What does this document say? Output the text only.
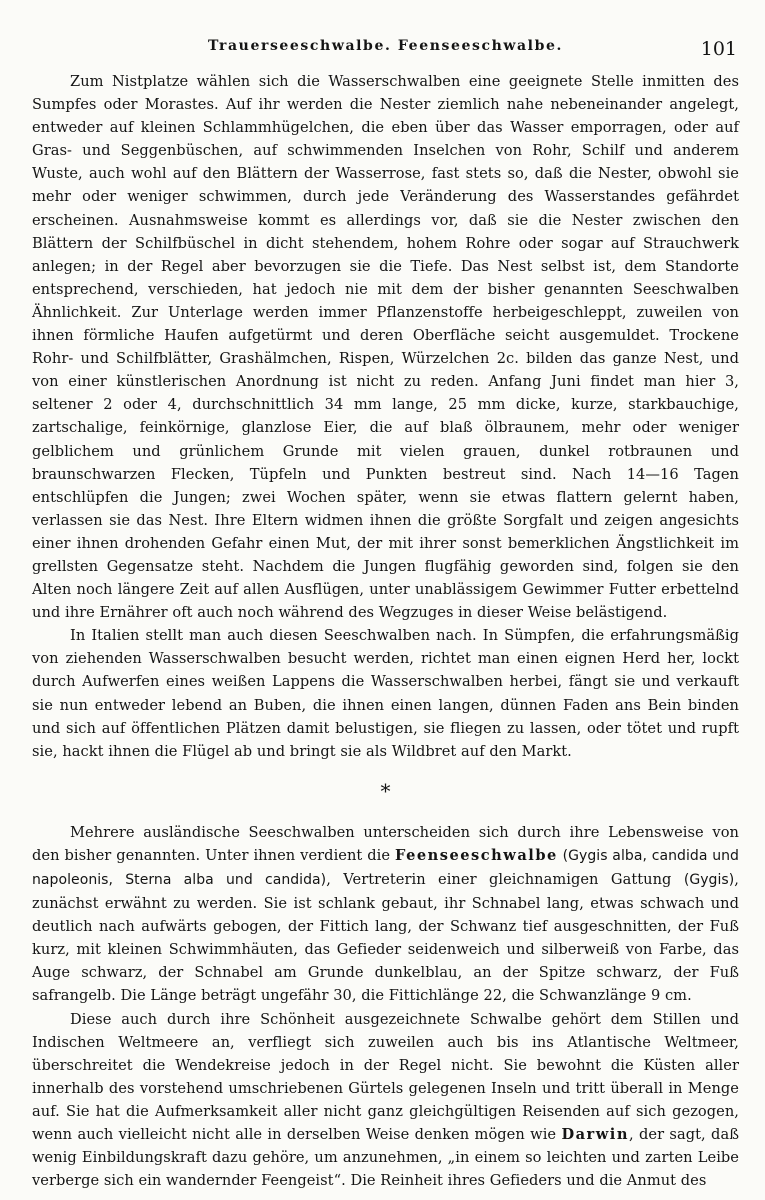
Trauerseeschwalbe. Feenseeschwalbe.	101

Zum Nistplatze wählen sich die Wasserschwalben eine geeignete Stelle inmitten des Sumpfes oder Morastes. Auf ihr werden die Nester ziemlich nahe nebeneinander angelegt, entweder auf kleinen Schlammhügelchen, die eben über das Wasser emporragen, oder auf Gras- und Seggenbüschen, auf schwimmenden Inselchen von Rohr, Schilf und anderem Wuste, auch wohl auf den Blättern der Wasserrose, fast stets so, daß die Nester, obwohl sie mehr oder weniger schwimmen, durch jede Veränderung des Wasserstandes gefährdet erscheinen. Ausnahmsweise kommt es allerdings vor, daß sie die Nester zwischen den Blättern der Schilfbüschel in dicht stehendem, hohem Rohre oder sogar auf Strauchwerk anlegen; in der Regel aber bevorzugen sie die Tiefe. Das Nest selbst ist, dem Standorte entsprechend, verschieden, hat jedoch nie mit dem der bisher genannten Seeschwalben Ähnlichkeit. Zur Unterlage werden immer Pflanzenstoffe herbeigeschleppt, zuweilen von ihnen förmliche Haufen aufgetürmt und deren Oberfläche seicht ausgemuldet. Trockene Rohr- und Schilfblätter, Grashälmchen, Rispen, Würzelchen 2c. bilden das ganze Nest, und von einer künstlerischen Anordnung ist nicht zu reden. Anfang Juni findet man hier 3, seltener 2 oder 4, durchschnittlich 34 mm lange, 25 mm dicke, kurze, starkbauchige, zartschalige, feinkörnige, glanzlose Eier, die auf blaß ölbraunem, mehr oder weniger gelblichem und grünlichem Grunde mit vielen grauen, dunkel rotbraunen und braunschwarzen Flecken, Tüpfeln und Punkten bestreut sind. Nach 14—16 Tagen entschlüpfen die Jungen; zwei Wochen später, wenn sie etwas flattern gelernt haben, verlassen sie das Nest. Ihre Eltern widmen ihnen die größte Sorgfalt und zeigen angesichts einer ihnen drohenden Gefahr einen Mut, der mit ihrer sonst bemerklichen Ängstlichkeit im grellsten Gegensatze steht. Nachdem die Jungen flugfähig geworden sind, folgen sie den Alten noch längere Zeit auf allen Ausflügen, unter unablässigem Gewimmer Futter erbettelnd und ihre Ernährer oft auch noch während des Wegzuges in dieser Weise belästigend.

In Italien stellt man auch diesen Seeschwalben nach. In Sümpfen, die erfahrungsmäßig von ziehenden Wasserschwalben besucht werden, richtet man einen eignen Herd her, lockt durch Aufwerfen eines weißen Lappens die Wasserschwalben herbei, fängt sie und verkauft sie nun entweder lebend an Buben, die ihnen einen langen, dünnen Faden ans Bein binden und sich auf öffentlichen Plätzen damit belustigen, sie fliegen zu lassen, oder tötet und rupft sie, hackt ihnen die Flügel ab und bringt sie als Wildbret auf den Markt.

*

Mehrere ausländische Seeschwalben unterscheiden sich durch ihre Lebensweise von den bisher genannten. Unter ihnen verdient die Feenseeschwalbe (Gygis alba, candida und napoleonis, Sterna alba und candida), Vertreterin einer gleichnamigen Gattung (Gygis), zunächst erwähnt zu werden. Sie ist schlank gebaut, ihr Schnabel lang, etwas schwach und deutlich nach aufwärts gebogen, der Fittich lang, der Schwanz tief ausgeschnitten, der Fuß kurz, mit kleinen Schwimmhäuten, das Gefieder seidenweich und silberweiß von Farbe, das Auge schwarz, der Schnabel am Grunde dunkelblau, an der Spitze schwarz, der Fuß safrangelb. Die Länge beträgt ungefähr 30, die Fittichlänge 22, die Schwanzlänge 9 cm.

Diese auch durch ihre Schönheit ausgezeichnete Schwalbe gehört dem Stillen und Indischen Weltmeere an, verfliegt sich zuweilen auch bis ins Atlantische Weltmeer, überschreitet die Wendekreise jedoch in der Regel nicht. Sie bewohnt die Küsten aller innerhalb des vorstehend umschriebenen Gürtels gelegenen Inseln und tritt überall in Menge auf. Sie hat die Aufmerksamkeit aller nicht ganz gleichgültigen Reisenden auf sich gezogen, wenn auch vielleicht nicht alle in derselben Weise denken mögen wie Darwin, der sagt, daß wenig Einbildungskraft dazu gehöre, um anzunehmen, „in einem so leichten und zarten Leibe verberge sich ein wandernder Feengeist“. Die Reinheit ihres Gefieders und die Anmut des
